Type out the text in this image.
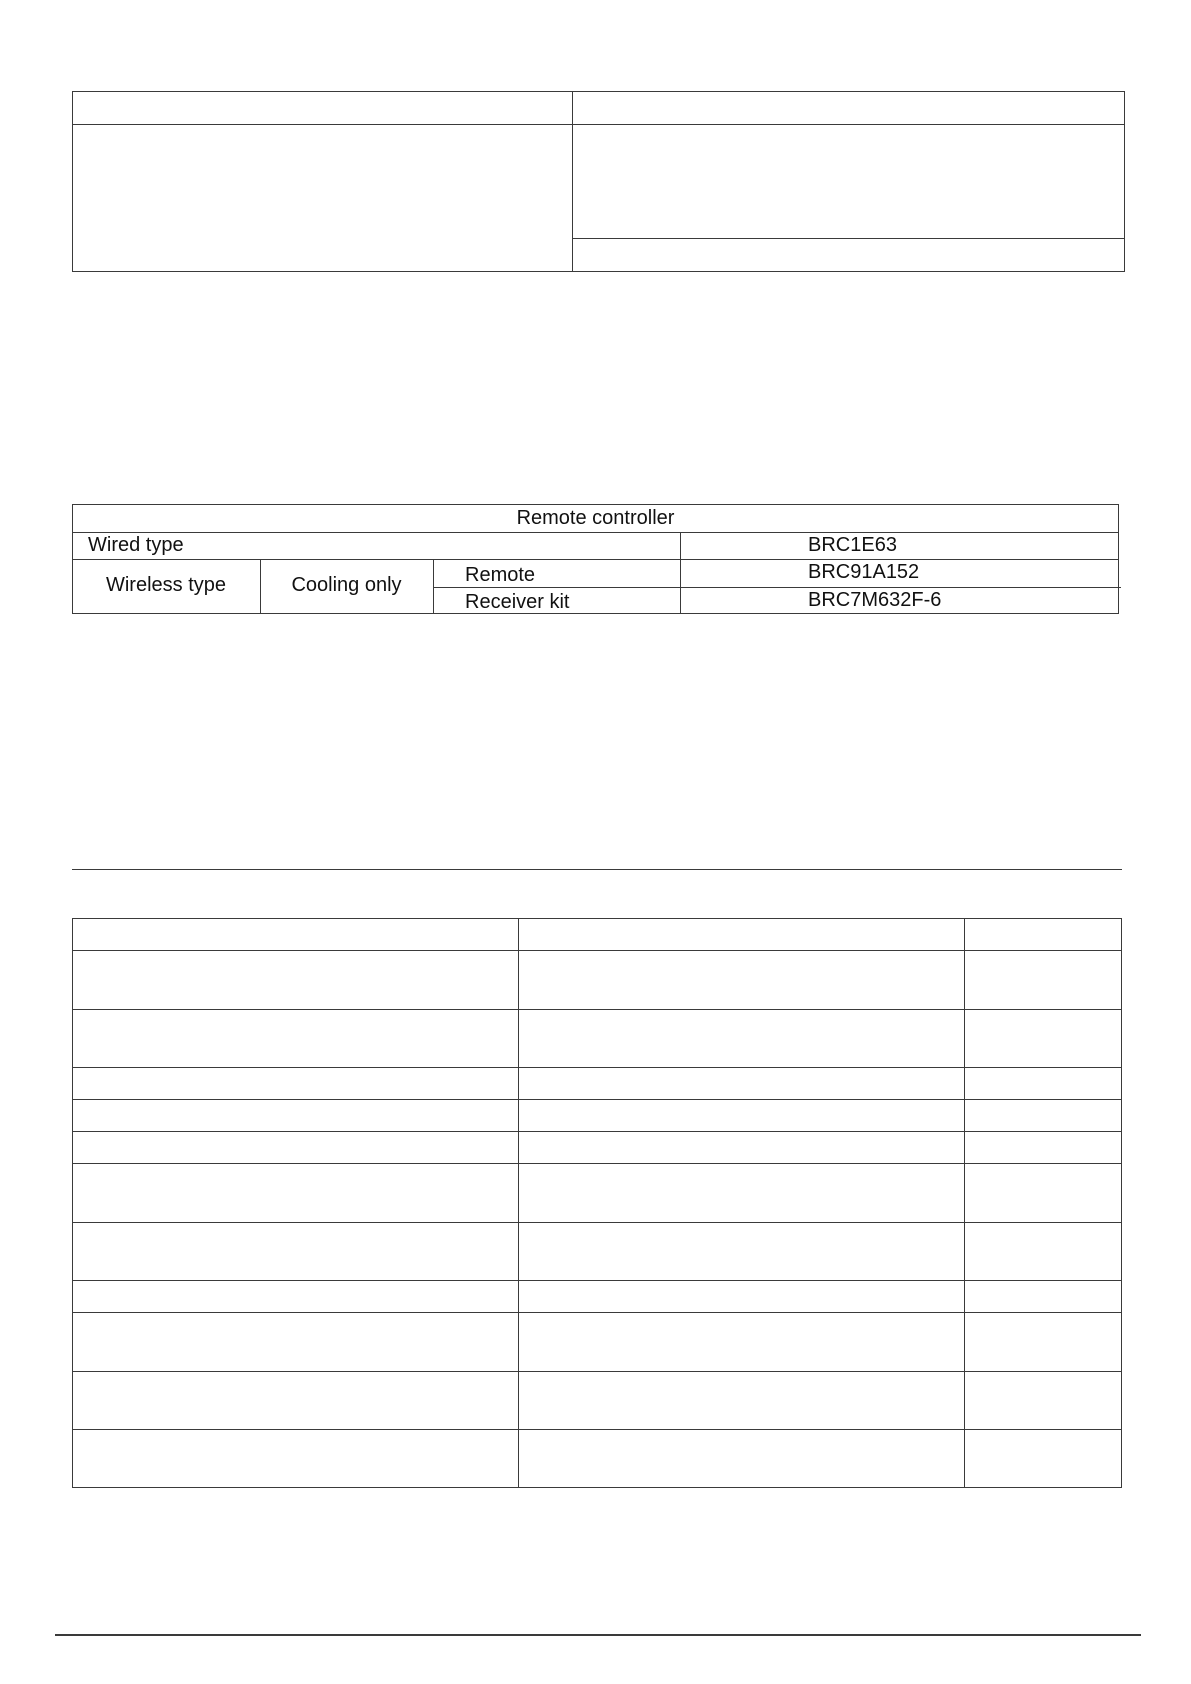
Remote controller
Wired type	BRC1E63
Wireless type	Cooling only	Remote	BRC91A152
Receiver kit	BRC7M632F-6
